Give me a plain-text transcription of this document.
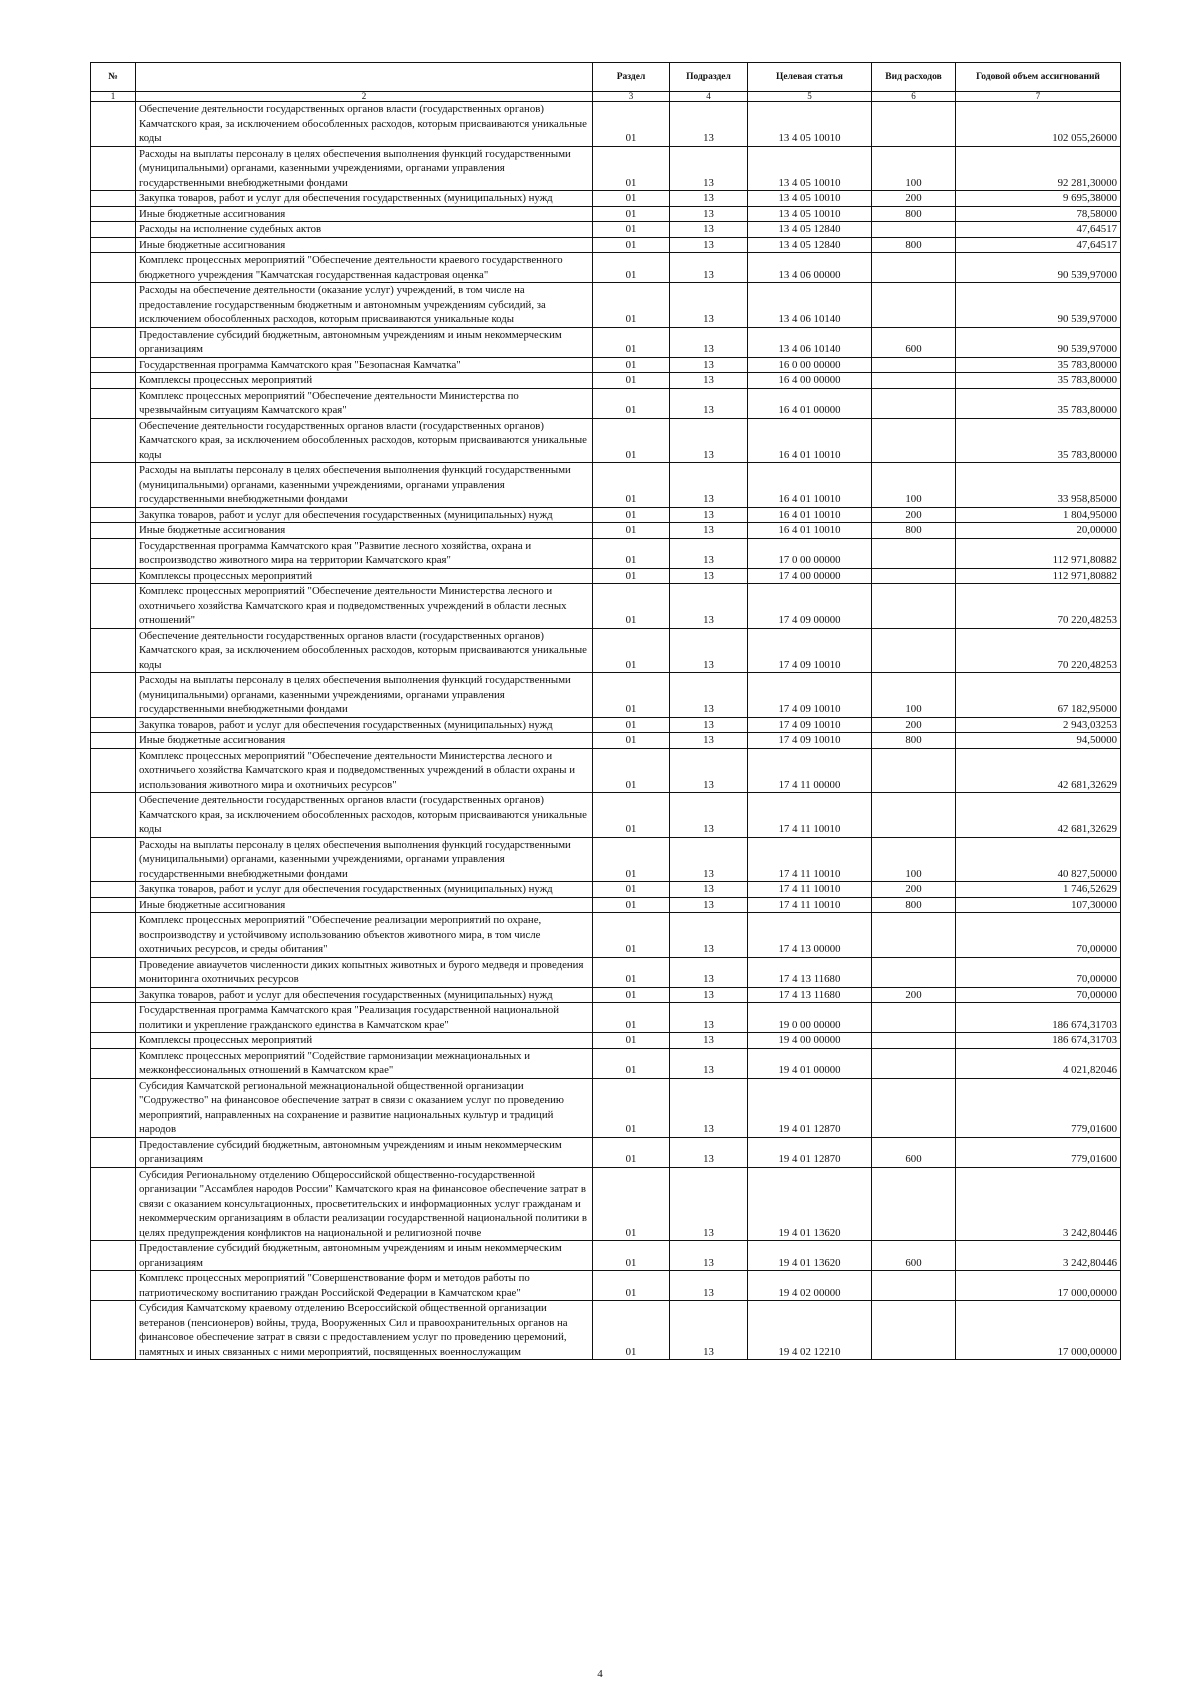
№		Раздел	Подраздел	Целевая статья	Вид расходов	Годовой объем ассигнований
1	2	3	4	5	6	7
	Обеспечение деятельности государственных органов власти (государственных органов) Камчатского края, за исключением обособленных расходов, которым присваиваются уникальные коды	01	13	13 4 05 10010		102 055,26000
	Расходы на выплаты персоналу в целях обеспечения выполнения функций государственными (муниципальными) органами, казенными учреждениями, органами управления государственными внебюджетными фондами	01	13	13 4 05 10010	100	92 281,30000
	Закупка товаров, работ и услуг для обеспечения государственных (муниципальных) нужд	01	13	13 4 05 10010	200	9 695,38000
	Иные бюджетные ассигнования	01	13	13 4 05 10010	800	78,58000
	Расходы на исполнение судебных актов	01	13	13 4 05 12840		47,64517
	Иные бюджетные ассигнования	01	13	13 4 05 12840	800	47,64517
	Комплекс процессных мероприятий "Обеспечение деятельности краевого государственного бюджетного учреждения "Камчатская государственная кадастровая оценка"	01	13	13 4 06 00000		90 539,97000
	Расходы на обеспечение деятельности (оказание услуг) учреждений, в том числе на предоставление государственным бюджетным и автономным учреждениям субсидий, за исключением обособленных расходов, которым присваиваются уникальные коды	01	13	13 4 06 10140		90 539,97000
	Предоставление субсидий бюджетным, автономным учреждениям и иным некоммерческим организациям	01	13	13 4 06 10140	600	90 539,97000
	Государственная программа Камчатского края "Безопасная Камчатка"	01	13	16 0 00 00000		35 783,80000
	Комплексы процессных мероприятий	01	13	16 4 00 00000		35 783,80000
	Комплекс процессных мероприятий "Обеспечение деятельности Министерства по чрезвычайным ситуациям Камчатского края"	01	13	16 4 01 00000		35 783,80000
	Обеспечение деятельности государственных органов власти (государственных органов) Камчатского края, за исключением обособленных расходов, которым присваиваются уникальные коды	01	13	16 4 01 10010		35 783,80000
	Расходы на выплаты персоналу в целях обеспечения выполнения функций государственными (муниципальными) органами, казенными учреждениями, органами управления государственными внебюджетными фондами	01	13	16 4 01 10010	100	33 958,85000
	Закупка товаров, работ и услуг для обеспечения государственных (муниципальных) нужд	01	13	16 4 01 10010	200	1 804,95000
	Иные бюджетные ассигнования	01	13	16 4 01 10010	800	20,00000
	Государственная программа Камчатского края "Развитие лесного хозяйства, охрана и воспроизводство животного мира на территории Камчатского края"	01	13	17 0 00 00000		112 971,80882
	Комплексы процессных мероприятий	01	13	17 4 00 00000		112 971,80882
	Комплекс процессных мероприятий "Обеспечение деятельности Министерства лесного и охотничьего хозяйства Камчатского края и подведомственных учреждений в области лесных отношений"	01	13	17 4 09 00000		70 220,48253
	Обеспечение деятельности государственных органов власти (государственных органов) Камчатского края, за исключением обособленных расходов, которым присваиваются уникальные коды	01	13	17 4 09 10010		70 220,48253
	Расходы на выплаты персоналу в целях обеспечения выполнения функций государственными (муниципальными) органами, казенными учреждениями, органами управления государственными внебюджетными фондами	01	13	17 4 09 10010	100	67 182,95000
	Закупка товаров, работ и услуг для обеспечения государственных (муниципальных) нужд	01	13	17 4 09 10010	200	2 943,03253
	Иные бюджетные ассигнования	01	13	17 4 09 10010	800	94,50000
	Комплекс процессных мероприятий "Обеспечение деятельности Министерства лесного и охотничьего хозяйства Камчатского края и подведомственных учреждений в области охраны и использования животного мира и охотничьих ресурсов"	01	13	17 4 11 00000		42 681,32629
	Обеспечение деятельности государственных органов власти (государственных органов) Камчатского края, за исключением обособленных расходов, которым присваиваются уникальные коды	01	13	17 4 11 10010		42 681,32629
	Расходы на выплаты персоналу в целях обеспечения выполнения функций государственными (муниципальными) органами, казенными учреждениями, органами управления государственными внебюджетными фондами	01	13	17 4 11 10010	100	40 827,50000
	Закупка товаров, работ и услуг для обеспечения государственных (муниципальных) нужд	01	13	17 4 11 10010	200	1 746,52629
	Иные бюджетные ассигнования	01	13	17 4 11 10010	800	107,30000
	Комплекс процессных мероприятий "Обеспечение реализации мероприятий по охране, воспроизводству и устойчивому использованию объектов животного мира, в том числе охотничьих ресурсов, и среды обитания"	01	13	17 4 13 00000		70,00000
	Проведение авиаучетов численности диких копытных животных и бурого медведя и проведения мониторинга охотничьих ресурсов	01	13	17 4 13 11680		70,00000
	Закупка товаров, работ и услуг для обеспечения государственных (муниципальных) нужд	01	13	17 4 13 11680	200	70,00000
	Государственная программа Камчатского края "Реализация государственной национальной политики и укрепление гражданского единства в Камчатском крае"	01	13	19 0 00 00000		186 674,31703
	Комплексы процессных мероприятий	01	13	19 4 00 00000		186 674,31703
	Комплекс процессных мероприятий "Содействие гармонизации межнациональных и межконфессиональных отношений в Камчатском крае"	01	13	19 4 01 00000		4 021,82046
	Субсидия Камчатской региональной межнациональной общественной организации "Содружество" на финансовое обеспечение затрат в связи с оказанием услуг по проведению мероприятий, направленных на сохранение и развитие национальных культур и традиций народов	01	13	19 4 01 12870		779,01600
	Предоставление субсидий бюджетным, автономным учреждениям и иным некоммерческим организациям	01	13	19 4 01 12870	600	779,01600
	Субсидия Региональному отделению Общероссийской общественно-государственной организации "Ассамблея народов России" Камчатского края на финансовое обеспечение затрат в связи с оказанием консультационных, просветительских и информационных услуг гражданам и некоммерческим организациям в области реализации государственной национальной политики в целях предупреждения конфликтов на национальной и религиозной почве	01	13	19 4 01 13620		3 242,80446
	Предоставление субсидий бюджетным, автономным учреждениям и иным некоммерческим организациям	01	13	19 4 01 13620	600	3 242,80446
	Комплекс процессных мероприятий "Совершенствование форм и методов работы по патриотическому воспитанию граждан Российской Федерации в Камчатском крае"	01	13	19 4 02 00000		17 000,00000
	Субсидия Камчатскому краевому отделению Всероссийской общественной организации ветеранов (пенсионеров) войны, труда, Вооруженных Сил и правоохранительных органов на финансовое обеспечение затрат в связи с предоставлением услуг по проведению церемоний, памятных и иных связанных с ними мероприятий, посвященных военнослужащим	01	13	19 4 02 12210		17 000,00000
4
